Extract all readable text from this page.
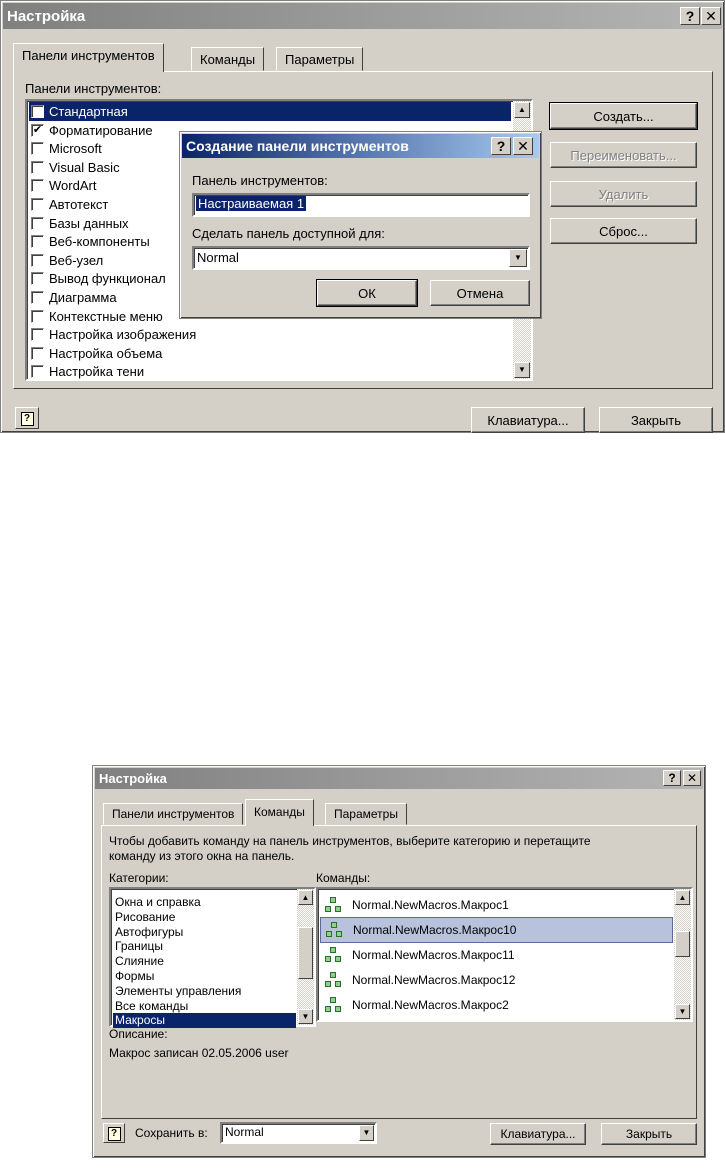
Настройка	? ✕
Панели инструментов	Команды	Параметры
Панели инструментов:
✔ Стандартная
✔ Форматирование
Microsoft
Visual Basic
WordArt
Автотекст
Базы данных
Веб-компоненты
Веб-узел
Вывод функционал
Диаграмма
Контекстные меню
Настройка изображения
Настройка объема
Настройка тени
▲
▼
Создать...
Переименовать...
Удалить
Сброс...
?	Клавиатура...	Закрыть
Создание панели инструментов	? ✕
Панель инструментов:
Настраиваемая 1
Сделать панель доступной для:
Normal	▼
ОК	Отмена
Настройка	? ✕
Панели инструментов	Команды	Параметры
Чтобы добавить команду на панель инструментов, выберите категорию и перетащите
команду из этого окна на панель.
Категории:	Команды:
Окна и справка
Рисование
Автофигуры
Границы
Слияние
Формы
Элементы управления
Все команды
Макросы
▲
▼
Описание:
Макрос записан 02.05.2006 user
Normal.NewMacros.Макрос1
Normal.NewMacros.Макрос10
Normal.NewMacros.Макрос11
Normal.NewMacros.Макрос12
Normal.NewMacros.Макрос2
▲
▼
?	Сохранить в:	Normal	▼	Клавиатура...	Закрыть
